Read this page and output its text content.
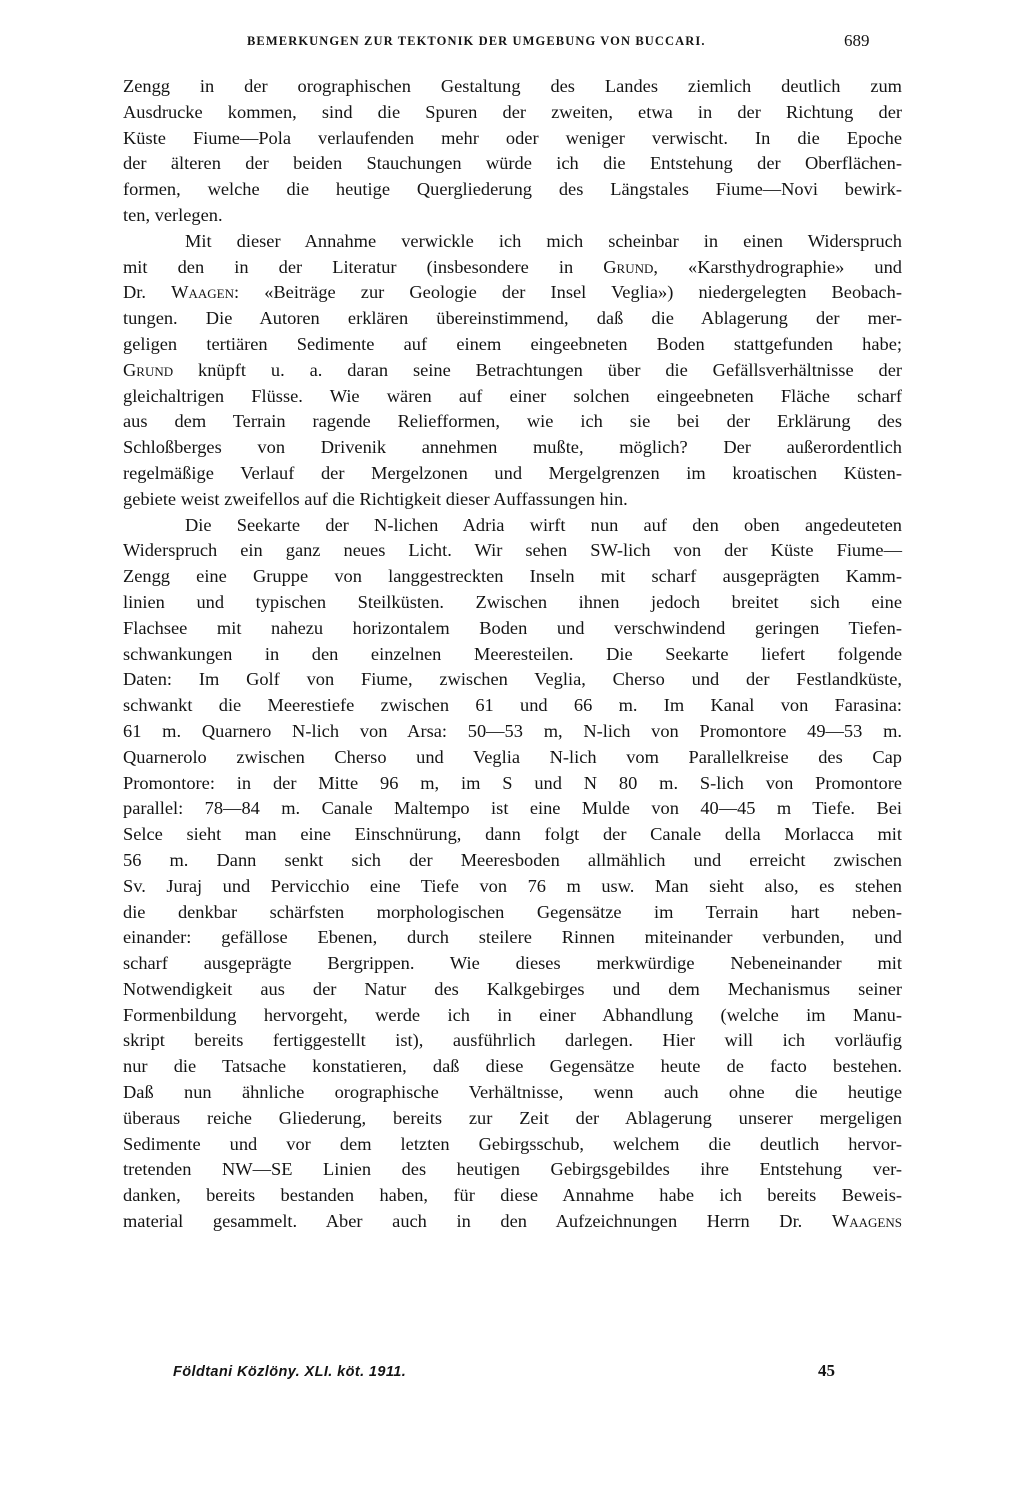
BEMERKUNGEN ZUR TEKTONIK DER UMGEBUNG VON BUCCARI.	689
Zengg in der orographischen Gestaltung des Landes ziemlich deutlich zum
Ausdrucke kommen, sind die Spuren der zweiten, etwa in der Richtung der
Küste Fiume—Pola verlaufenden mehr oder weniger verwischt. In die Epoche
der älteren der beiden Stauchungen würde ich die Entstehung der Oberflächen-
formen, welche die heutige Quergliederung des Längstales Fiume—Novi bewirk-
ten, verlegen.
Mit dieser Annahme verwickle ich mich scheinbar in einen Widerspruch
mit den in der Literatur (insbesondere in Grund, «Karsthydrographie» und
Dr. Waagen: «Beiträge zur Geologie der Insel Veglia») niedergelegten Beobach-
tungen. Die Autoren erklären übereinstimmend, daß die Ablagerung der mer-
geligen tertiären Sedimente auf einem eingeebneten Boden stattgefunden habe;
Grund knüpft u. a. daran seine Betrachtungen über die Gefällsverhältnisse der
gleichaltrigen Flüsse. Wie wären auf einer solchen eingeebneten Fläche scharf
aus dem Terrain ragende Reliefformen, wie ich sie bei der Erklärung des
Schloßberges von Drivenik annehmen mußte, möglich? Der außerordentlich
regelmäßige Verlauf der Mergelzonen und Mergelgrenzen im kroatischen Küsten-
gebiete weist zweifellos auf die Richtigkeit dieser Auffassungen hin.
Die Seekarte der N-lichen Adria wirft nun auf den oben angedeuteten
Widerspruch ein ganz neues Licht. Wir sehen SW-lich von der Küste Fiume—
Zengg eine Gruppe von langgestreckten Inseln mit scharf ausgeprägten Kamm-
linien und typischen Steilküsten. Zwischen ihnen jedoch breitet sich eine
Flachsee mit nahezu horizontalem Boden und verschwindend geringen Tiefen-
schwankungen in den einzelnen Meeresteilen. Die Seekarte liefert folgende
Daten: Im Golf von Fiume, zwischen Veglia, Cherso und der Festlandküste,
schwankt die Meerestiefe zwischen 61 und 66 m. Im Kanal von Farasina:
61 m. Quarnero N-lich von Arsa: 50—53 m, N-lich von Promontore 49—53 m.
Quarnerolo zwischen Cherso und Veglia N-lich vom Parallelkreise des Cap
Promontore: in der Mitte 96 m, im S und N 80 m. S-lich von Promontore
parallel: 78—84 m. Canale Maltempo ist eine Mulde von 40—45 m Tiefe. Bei
Selce sieht man eine Einschnürung, dann folgt der Canale della Morlacca mit
56 m. Dann senkt sich der Meeresboden allmählich und erreicht zwischen
Sv. Juraj und Pervicchio eine Tiefe von 76 m usw. Man sieht also, es stehen
die denkbar schärfsten morphologischen Gegensätze im Terrain hart neben-
einander: gefällose Ebenen, durch steilere Rinnen miteinander verbunden, und
scharf ausgeprägte Bergrippen. Wie dieses merkwürdige Nebeneinander mit
Notwendigkeit aus der Natur des Kalkgebirges und dem Mechanismus seiner
Formenbildung hervorgeht, werde ich in einer Abhandlung (welche im Manu-
skript bereits fertiggestellt ist), ausführlich darlegen. Hier will ich vorläufig
nur die Tatsache konstatieren, daß diese Gegensätze heute de facto bestehen.
Daß nun ähnliche orographische Verhältnisse, wenn auch ohne die heutige
überaus reiche Gliederung, bereits zur Zeit der Ablagerung unserer mergeligen
Sedimente und vor dem letzten Gebirgsschub, welchem die deutlich hervor-
tretenden NW—SE Linien des heutigen Gebirgsgebildes ihre Entstehung ver-
danken, bereits bestanden haben, für diese Annahme habe ich bereits Beweis-
material gesammelt. Aber auch in den Aufzeichnungen Herrn Dr. Waagens
Földtani Közlöny. XLI. köt. 1911.	45
